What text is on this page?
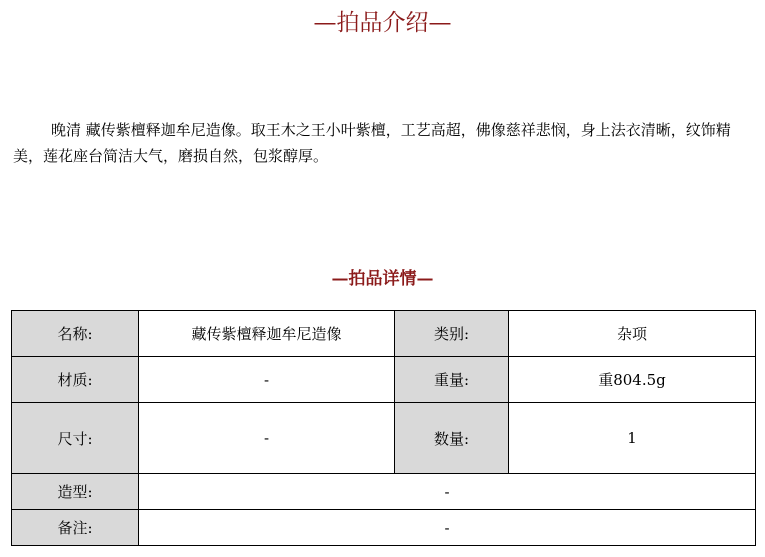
—拍品介绍—

晚清 藏传紫檀释迦牟尼造像。取王木之王小叶紫檀，工艺高超，佛像慈祥悲悯，身上法衣清晰，纹饰精美，莲花座台简洁大气，磨损自然，包浆醇厚。

—拍品详情—
名称:	藏传紫檀释迦牟尼造像	类别:	杂项
材质:	-	重量:	重804.5g
尺寸:	-	数量:	1
造型:	-		
备注:	-		
